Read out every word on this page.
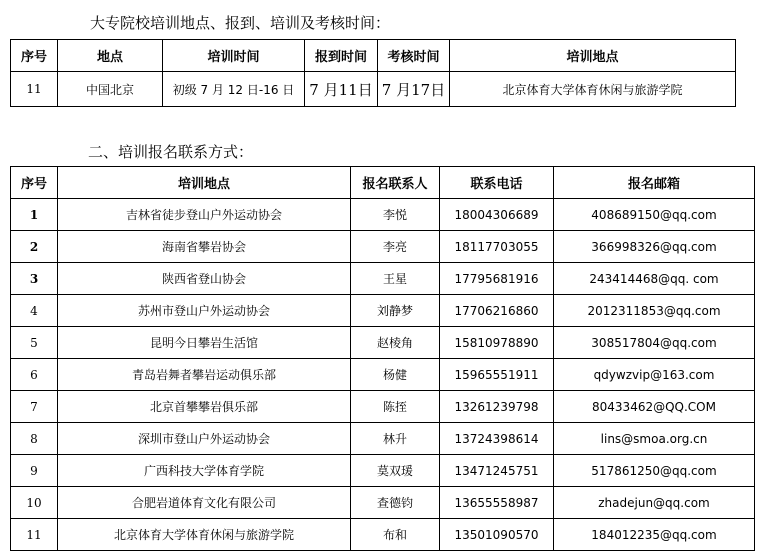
大专院校培训地点、报到、培训及考核时间：
序号	地点	培训时间	报到时间	考核时间	培训地点
11	中国北京	初级 7 月 12 日-16 日	7 月11日	7 月17日	北京体育大学体育休闲与旅游学院
二、培训报名联系方式：
序号	培训地点	报名联系人	联系电话	报名邮箱
1	吉林省徒步登山户外运动协会	李悦	18004306689	408689150@qq.com
2	海南省攀岩协会	李亮	18117703055	366998326@qq.com
3	陕西省登山协会	王星	17795681916	243414468@qq. com
4	苏州市登山户外运动协会	刘静梦	17706216860	2012311853@qq.com
5	昆明今日攀岩生活馆	赵棱角	15810978890	308517804@qq.com
6	青岛岩舞者攀岩运动俱乐部	杨健	15965551911	qdywzvip@163.com
7	北京首攀攀岩俱乐部	陈挃	13261239798	80433462@QQ.COM
8	深圳市登山户外运动协会	林升	13724398614	lins@smoa.org.cn
9	广西科技大学体育学院	莫双瑗	13471245751	517861250@qq.com
10	合肥岩道体育文化有限公司	查德钧	13655558987	zhadejun@qq.com
11	北京体育大学体育休闲与旅游学院	布和	13501090570	184012235@qq.com
